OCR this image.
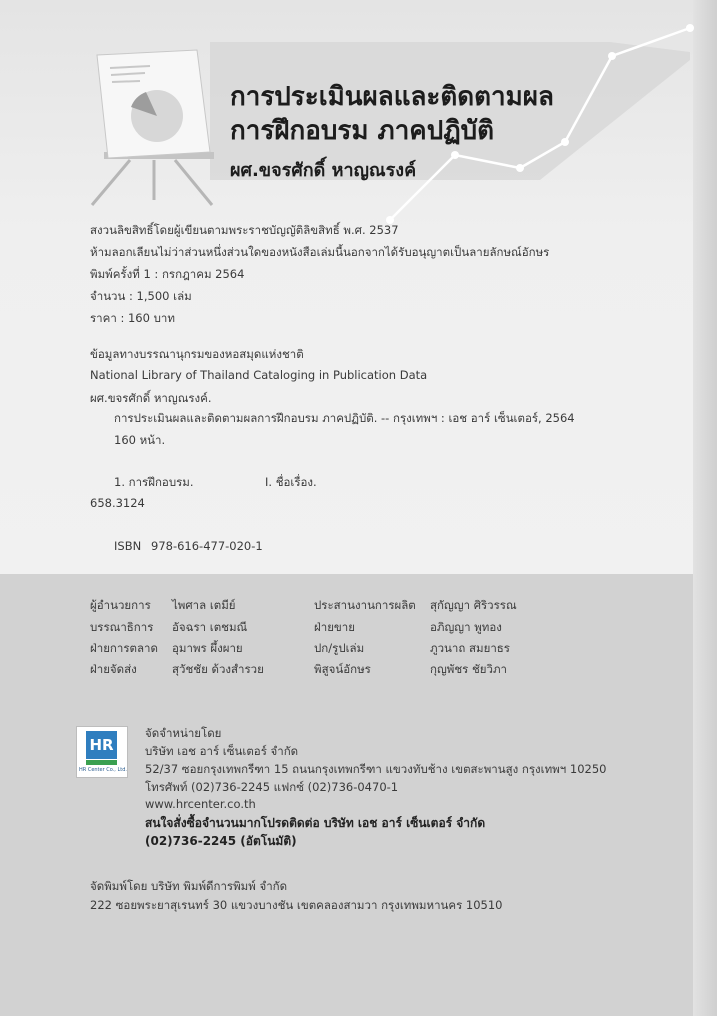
การประเมินผลและติดตามผล
การฝึกอบรม ภาคปฏิบัติ
ผศ.ขจรศักดิ์ หาญณรงค์
สงวนลิขสิทธิ์โดยผู้เขียนตามพระราชบัญญัติลิขสิทธิ์ พ.ศ. 2537
ห้ามลอกเลียนไม่ว่าส่วนหนึ่งส่วนใดของหนังสือเล่มนี้นอกจากได้รับอนุญาตเป็นลายลักษณ์อักษร
พิมพ์ครั้งที่ 1 : กรกฎาคม 2564
จำนวน : 1,500 เล่ม
ราคา : 160 บาท
ข้อมูลทางบรรณานุกรมของหอสมุดแห่งชาติ
National Library of Thailand Cataloging in Publication Data
ผศ.ขจรศักดิ์ หาญณรงค์.
การประเมินผลและติดตามผลการฝึกอบรม ภาคปฏิบัติ. -- กรุงเทพฯ : เอช อาร์ เซ็นเตอร์, 2564
160 หน้า.
1. การฝึกอบรม.	I. ชื่อเรื่อง.
658.3124
ISBN 978-616-477-020-1
ผู้อำนวยการ ไพศาล เตมีย์	ประสานงานการผลิต สุกัญญา ศิริวรรณ
บรรณาธิการ อัจฉรา เตชมณี	ฝ่ายขาย	อภิญญา พูทอง
ฝ่ายการตลาด อุมาพร ผึ้งผาย	ปก/รูปเล่ม	ภูวนาถ สมยาธร
ฝ่ายจัดส่ง	สุวัชชัย ด้วงสำรวย	พิสูจน์อักษร	กุญพัชร ชัยวิภา
HR
HR Center Co., Ltd.
จัดจำหน่ายโดย
บริษัท เอช อาร์ เซ็นเตอร์ จำกัด
52/37 ซอยกรุงเทพกรีฑา 15 ถนนกรุงเทพกรีฑา แขวงทับช้าง เขตสะพานสูง กรุงเทพฯ 10250
โทรศัพท์ (02)736-2245 แฟกซ์ (02)736-0470-1
www.hrcenter.co.th
สนใจสั่งซื้อจำนวนมากโปรดติดต่อ บริษัท เอช อาร์ เซ็นเตอร์ จำกัด
(02)736-2245 (อัตโนมัติ)
จัดพิมพ์โดย บริษัท พิมพ์ดีการพิมพ์ จำกัด
222 ซอยพระยาสุเรนทร์ 30 แขวงบางชัน เขตคลองสามวา กรุงเทพมหานคร 10510
